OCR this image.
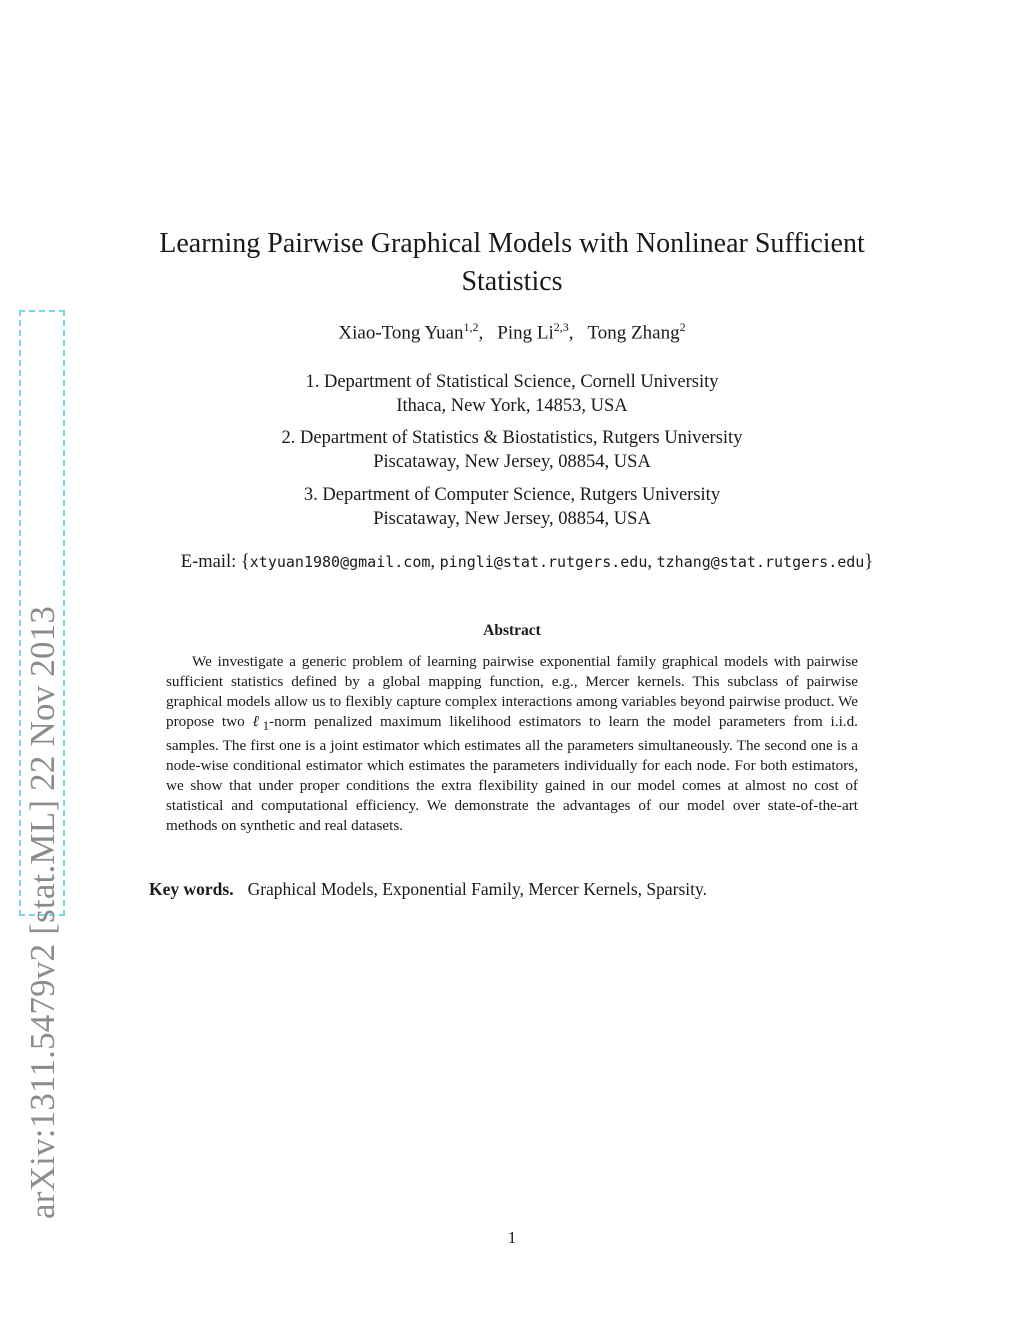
arXiv:1311.5479v2 [stat.ML] 22 Nov 2013
Learning Pairwise Graphical Models with Nonlinear Sufficient Statistics
Xiao-Tong Yuan$^{1,2}$, Ping Li$^{2,3}$, Tong Zhang$^2$
1. Department of Statistical Science, Cornell University
Ithaca, New York, 14853, USA
2. Department of Statistics & Biostatistics, Rutgers University
Piscataway, New Jersey, 08854, USA
3. Department of Computer Science, Rutgers University
Piscataway, New Jersey, 08854, USA
E-mail: {xtyuan1980@gmail.com, pingli@stat.rutgers.edu, tzhang@stat.rutgers.edu}
Abstract
We investigate a generic problem of learning pairwise exponential family graphical models with pairwise sufficient statistics defined by a global mapping function, e.g., Mercer kernels. This subclass of pairwise graphical models allow us to flexibly capture complex interactions among variables beyond pairwise product. We propose two ℓ$_1$-norm penalized maximum likelihood estimators to learn the model parameters from i.i.d. samples. The first one is a joint estimator which estimates all the parameters simultaneously. The second one is a node-wise conditional estimator which estimates the parameters individually for each node. For both estimators, we show that under proper conditions the extra flexibility gained in our model comes at almost no cost of statistical and computational efficiency. We demonstrate the advantages of our model over state-of-the-art methods on synthetic and real datasets.
Key words. Graphical Models, Exponential Family, Mercer Kernels, Sparsity.
1
